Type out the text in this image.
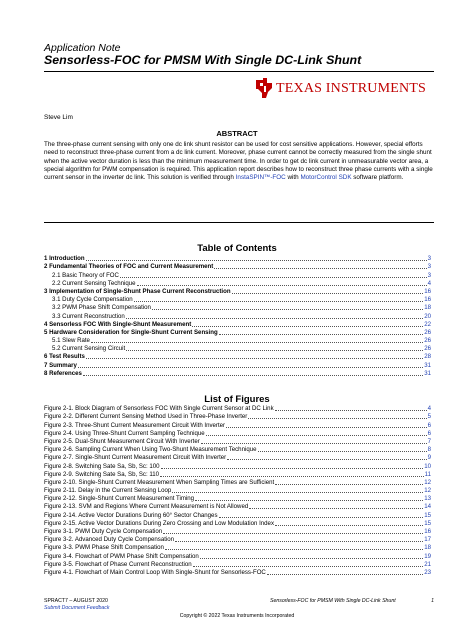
Application Note
Sensorless-FOC for PMSM With Single DC-Link Shunt
TEXAS INSTRUMENTS
Steve Lim
ABSTRACT
The three-phase current sensing with only one dc link shunt resistor can be used for cost sensitive applications. However, special efforts need to reconstruct three-phase current from a dc link current. Moreover, phase current cannot be correctly measured from the single shunt when the active vector duration is less than the minimum measurement time. In order to get dc link current in unmeasurable vector area, a special algorithm for PWM compensation is required. This application report describes how to reconstruct three phase currents with a single current sensor in the inverter dc link. This solution is verified through InstaSPIN™-FOC with MotorControl SDK software platform.
Table of Contents
1 Introduction	3
2 Fundamental Theories of FOC and Current Measurement	3
2.1 Basic Theory of FOC	3
2.2 Current Sensing Technique	4
3 Implementation of Single-Shunt Phase Current Reconstruction	16
3.1 Duty Cycle Compensation	16
3.2 PWM Phase Shift Compensation	18
3.3 Current Reconstruction	20
4 Sensorless FOC With Single-Shunt Measurement	22
5 Hardware Consideration for Single-Shunt Current Sensing	26
5.1 Slew Rate	26
5.2 Current Sensing Circuit	26
6 Test Results	28
7 Summary	31
8 References	31
List of Figures
Figure 2-1. Block Diagram of Sensorless FOC With Single Current Sensor at DC Link	4
Figure 2-2. Different Current Sensing Method Used in Three-Phase Inverter	5
Figure 2-3. Three-Shunt Current Measurement Circuit With Inverter	6
Figure 2-4. Using Three-Shunt Current Sampling Technique	6
Figure 2-5. Dual-Shunt Measurement Circuit With Inverter	7
Figure 2-6. Sampling Current When Using Two-Shunt Measurement Technique	8
Figure 2-7. Single-Shunt Current Measurement Circuit With Inverter	9
Figure 2-8. Switching Sate Sa, Sb, Sc: 100	10
Figure 2-9. Switching Sate Sa, Sb, Sc: 110	11
Figure 2-10. Single-Shunt Current Measurement When Sampling Times are Sufficient	12
Figure 2-11. Delay in the Current Sensing Loop	12
Figure 2-12. Single-Shunt Current Measurement Timing	13
Figure 2-13. SVM and Regions Where Current Measurement is Not Allowed	14
Figure 2-14. Active Vector Durations During 60° Sector Changes	15
Figure 2-15. Active Vector Durations During Zero Crossing and Low Modulation Index	15
Figure 3-1. PWM Duty Cycle Compensation	16
Figure 3-2. Advanced Duty Cycle Compensation	17
Figure 3-3. PWM Phase Shift Compensation	18
Figure 3-4. Flowchart of PWM Phase Shift Compensation	19
Figure 3-5. Flowchart of Phase Current Reconstruction	21
Figure 4-1. Flowchart of Main Control Loop With Single-Shunt for Sensorless-FOC	23
SPRACT7 – AUGUST 2020
Submit Document Feedback
Sensorless-FOC for PMSM With Single DC-Link Shunt	1
Copyright © 2022 Texas Instruments Incorporated
